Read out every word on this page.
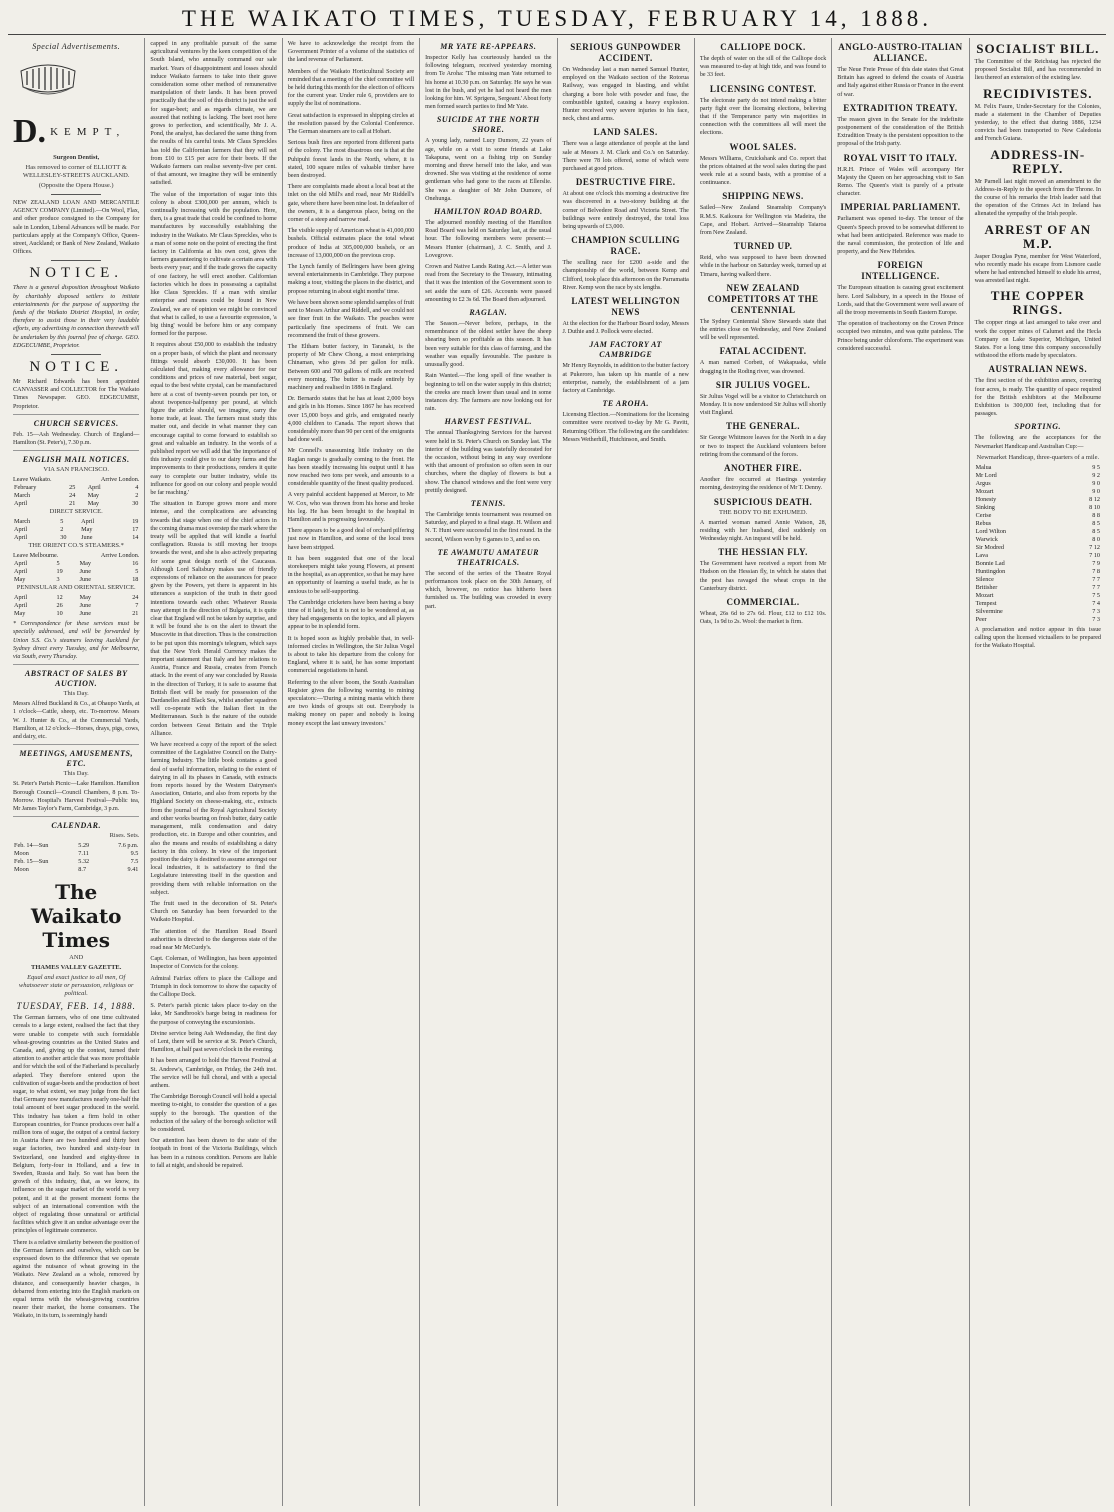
THE WAIKATO TIMES, TUESDAY, FEBRUARY 14, 1888.
Special Advertisements.
D. KEMPT,
Surgeon Dentist,
Has removed to corner of ELLIOTT & WELLESLEY-STREETS AUCKLAND.
(Opposite the Opera House.)
NEW ZEALAND LOAN AND MERCANTILE AGENCY COMPANY (Limited).—On Wool, Flax, and other produce consigned to the Company for sale in London, Liberal Advances will be made. For particulars apply at the Company's Office, Queen-street, Auckland; or Bank of New Zealand, Waikato Offices.
NOTICE.
There is a general disposition throughout Waikato by charitably disposed settlers to initiate entertainments for the purpose of supporting the funds of the Waikato District Hospital, in order, therefore to assist those in their very laudable efforts, any advertising in connection therewith will be undertaken by this journal free of charge. GEO. EDGECUMBE, Proprietor.
NOTICE.
Mr Richard Edwards has been appointed CANVASSER and COLLECTOR for The Waikato Times Newspaper. GEO. EDGECUMBE, Proprietor.
CHURCH SERVICES.
Feb. 15—Ash Wednesday. Church of England—Hamilton (St. Peter's), 7.30 p.m.
ENGLISH MAIL NOTICES.
VIA SAN FRANCISCO.
Leave Waikato.	Arrive London.
February	25	April	4
March	24	May	2
April	21	May	30
DIRECT SERVICE.
March	5	April	19
April	2	May	17
April	30	June	14
THE ORIENT CO.'S STEAMERS.*
Leave Melbourne.	Arrive London.
April	5	May	16
April	19	June	5
May	3	June	18
PENINSULAR AND ORIENTAL SERVICE.
April	12	May	24
April	26	June	7
May	10	June	21
* Correspondence for these services must be specially addressed, and will be forwarded by Union S.S. Co.'s steamers leaving Auckland for Sydney direct every Tuesday, and for Melbourne, via South, every Thursday.
ABSTRACT OF SALES BY AUCTION.
This Day.
Messrs Alfred Buckland & Co., at Ohaupo Yards, at 1 o'clock—Cattle, sheep, etc. To-morrow. Messrs W. J. Hunter & Co., at the Commercial Yards, Hamilton, at 12 o'clock—Horses, drays, pigs, cows, and dairy, etc.
MEETINGS, AMUSEMENTS, ETC.
This Day.
St. Peter's Parish Picnic—Lake Hamilton. Hamilton Borough Council—Council Chambers, 8 p.m. To-Morrow. Hospital's Harvest Festival—Public tea, Mr James Taylor's Farm, Cambridge, 3 p.m.
CALENDAR.
Rises. Sets.
Feb. 14—Sun	5.29	7.6 p.m.
Moon	7.11	9.5
Feb. 15—Sun	5.32	7.5
Moon	8.7	9.41
The Waikato Times
AND
THAMES VALLEY GAZETTE.
Equal and exact justice to all men, Of whatsoever state or persuasion, religious or political.
TUESDAY, FEB. 14, 1888.
The German farmers, who of one time cultivated cereals to a large extent, realised the fact that they were unable to compete with such formidable wheat-growing countries as the United States and Canada, and, giving up the contest, turned their attention to another article that was more profitable and for which the soil of the Fatherland is peculiarly adapted. They therefore entered upon the cultivation of sugar-beets and the production of beet sugar, to what extent, we may judge from the fact that Germany now manufactures nearly one-half the total amount of beet sugar produced in the world. This industry has taken a firm hold in other European countries, for France produces over half a million tons of sugar, the output of a central factory in Austria there are two hundred and thirty beet sugar factories, two hundred and sixty-four in Switzerland, one hundred and eighty-three in Belgium, forty-four in Holland, and a few in Sweden, Russia and Italy. So vast has been the growth of this industry, that, as we know, its influence on the sugar market of the world is very potent, and it at the present moment forms the subject of an international convention with the object of regulating those unnatural or artificial facilities which give it an undue advantage over the principles of legitimate commerce.
There is a relative similarity between the position of the German farmers and ourselves, which can be expressed down to the difference that we operate against the nuisance of wheat growing in the Waikato. New Zealand as a whole, removed by distance, and consequently heavier charges, is debarred from entering into the English markets on equal terms with the wheat-growing countries nearer their market, the home consumers. The Waikato, in its turn, is seemingly handi
capped in any profitable pursuit of the same agricultural ventures by the keen competition of the South Island, who annually command our sale market. Years of disappointment and losses should induce Waikato farmers to take into their grave consideration some other method of remunerative manipulation of their lands. It has been proved practically that the soil of this district is just the soil for sugar-beet; and as regards climate, we are assured that nothing is lacking. The beet root here grows to perfection, and scientifically, Mr J. A. Pond, the analyst, has declared the same thing from the results of his careful tests. Mr Claus Spreckles has told the Californian farmers that they will net from £10 to £15 per acre for their beets. If the Waikato farmers can realise seventy-five per cent. of that amount, we imagine they will be eminently satisfied.
The value of the importation of sugar into this colony is about £300,000 per annum, which is continually increasing with the population. Here, then, is a great trade that could be confined to home manufactures by successfully establishing the industry in the Waikato. Mr Claus Spreckles, who is a man of some note on the point of erecting the first factory in California at his own cost, gives the farmers guaranteeing to cultivate a certain area with beets every year; and if the trade grows the capacity of one factory, he will erect another. Californian factories which he does in possessing a capitalist like Claus Spreckles. If a man with similar enterprise and means could be found in New Zealand, we are of opinion we might be convinced that what is called, to use a favourite expression, 'a big thing' would be before him or any company formed for the purpose.
It requires about £50,000 to establish the industry on a proper basis, of which the plant and necessary fittings would absorb £30,000. It has been calculated that, making every allowance for our conditions and prices of raw material, beet sugar, equal to the best white crystal, can be manufactured here at a cost of twenty-seven pounds per ton, or about twopence-halfpenny per pound, at which figure the article should, we imagine, carry the home trade, at least. The farmers must study this matter out, and decide in what manner they can encourage capital to come forward to establish so great and valuable an industry. In the words of a published report we will add that 'the importance of this industry could give to our dairy farms and the improvements to their productions, renders it quite easy to complete our butter industry, while its influence for good on our colony and people would be far reaching.'
The situation in Europe grows more and more intense, and the complications are advancing towards that stage when one of the chief actors in the coming drama must overstep the mark where the treaty will be applied that will kindle a fearful conflagration. Russia is still moving her troops towards the west, and she is also actively preparing for some great design north of the Caucasus. Although Lord Salisbury makes use of friendly expressions of reliance on the assurances for peace given by the Powers, yet there is apparent in his utterances a suspicion of the truth in their good intentions towards each other. Whatever Russia may attempt in the direction of Bulgaria, it is quite clear that England will not be taken by surprise, and it will be found she is on the alert to thwart the Muscovite in that direction. Thus is the construction to be put upon this morning's telegram, which says that the New York Herald Currency makes the important statement that Italy and her relations to Austria, France and Russia, creates from French attack. In the event of any war concluded by Russia in the direction of Turkey, it is safe to assume that British fleet will be ready for possession of the Dardanelles and Black Sea, whilst another squadron will co-operate with the Italian fleet in the Mediterranean. Such is the nature of the outside cordon between Great Britain and the Triple Alliance.
We have received a copy of the report of the select committee of the Legislative Council on the Dairy-farming Industry. The little book contains a good deal of useful information, relating to the extent of dairying in all its phases in Canada, with extracts from reports issued by the Western Dairymen's Association, Ontario, and also from reports by the Highland Society on cheese-making, etc., extracts from the journal of the Royal Agricultural Society and other works bearing on fresh butter, dairy cattle management, milk condensation and dairy production, etc. in Europe and other countries, and also the means and results of establishing a dairy factory in this colony. In view of the important position the dairy is destined to assume amongst our local industries, it is satisfactory to find the Legislature interesting itself in the question and providing them with reliable information on the subject.
The fruit used in the decoration of St. Peter's Church on Saturday has been forwarded to the Waikato Hospital.
The attention of the Hamilton Road Board authorities is directed to the dangerous state of the road near Mr McCurdy's.
Capt. Coleman, of Wellington, has been appointed Inspector of Convicts for the colony.
Admiral Fairfax offers to place the Calliope and Triumph in dock tomorrow to show the capacity of the Calliope Dock.
S. Peter's parish picnic takes place to-day on the lake, Mr Sandbrook's barge being in readiness for the purpose of conveying the excursionists.
Divine service being Ash Wednesday, the first day of Lent, there will be service at St. Peter's Church, Hamilton, at half past seven o'clock in the evening.
It has been arranged to hold the Harvest Festival at St. Andrew's, Cambridge, on Friday, the 24th inst. The service will be full choral, and with a special anthem.
The Cambridge Borough Council will hold a special meeting to-night, to consider the question of a gas supply to the borough. The question of the reduction of the salary of the borough solicitor will be considered.
Our attention has been drawn to the state of the footpath in front of the Victoria Buildings, which has been in a ruinous condition. Persons are liable to fall at night, and should be repaired.
We have to acknowledge the receipt from the Government Printer of a volume of the statistics of the land revenue of Parliament.
Members of the Waikato Horticultural Society are reminded that a meeting of the chief committee will be held during this month for the election of officers for the current year. Under rule 6, providers are to supply the list of nominations.
Great satisfaction is expressed in shipping circles at the resolution passed by the Colonial Conference. The German steamers are to call at Hobart.
Serious bush fires are reported from different parts of the colony. The most disastrous one is that at the Puhipuhi forest lands in the North, where, it is stated, 100 square miles of valuable timber have been destroyed.
There are complaints made about a local boat at the inlet on the old Mill's and road, near Mr Riddell's gate, where there have been nine lost. In defaulter of the owners, it is a dangerous place, being on the corner of a steep and narrow road.
The visible supply of American wheat is 41,000,000 bushels. Official estimates place the total wheat produce of India at 305,000,000 bushels, or an increase of 13,000,000 on the previous crop.
The Lynch family of Bellringers have been giving several entertainments in Cambridge. They purpose making a tour, visiting the places in the district, and propose returning in about eight months' time.
We have been shown some splendid samples of fruit sent to Messrs Arthur and Riddell, and we could not see finer fruit in the Waikato. The peaches were particularly fine specimens of fruit. We can recommend the fruit of these growers.
The Eltham butter factory, in Taranaki, is the property of Mr Chew Chong, a most enterprising Chinaman, who gives 3d per gallon for milk. Between 600 and 700 gallons of milk are received every morning. The butter is made entirely by machinery and realised in 1886 in England.
Dr. Bernardo states that he has at least 2,000 boys and girls in his Homes. Since 1867 he has received over 15,000 boys and girls, and emigrated nearly 4,000 children to Canada. The report shows that considerably more than 90 per cent of the emigrants had done well.
Mr Connell's unassuming little industry on the Raglan range is gradually coming to the front. He has been steadily increasing his output until it has now reached two tons per week, and amounts to a considerable quantity of the finest quality produced.
A very painful accident happened at Mercer, to Mr W. Cox, who was thrown from his horse and broke his leg. He has been brought to the hospital in Hamilton and is progressing favourably.
There appears to be a good deal of orchard pilfering just now in Hamilton, and some of the local trees have been stripped.
It has been suggested that one of the local storekeepers might take young Flowers, at present in the hospital, as an apprentice, so that he may have an opportunity of learning a useful trade, as he is anxious to be self-supporting.
The Cambridge cricketers have been having a busy time of it lately, but it is not to be wondered at, as they had engagements on the topics, and all players appear to be in splendid form.
It is hoped soon as highly probable that, in well-informed circles in Wellington, the Sir Julius Vogel is about to take his departure from the colony for England, where it is said, he has some important commercial negotiations in hand.
Referring to the silver boom, the South Australian Register gives the following warning to mining speculators:—'During a mining mania which there are two kinds of groups sit out. Everybody is making money on paper and nobody is losing money except the last unwary investors.'
MR YATE RE-APPEARS.
Inspector Kelly has courteously handed us the following telegram, received yesterday morning from Te Aroha: 'The missing man Yate returned to his home at 10.30 p.m. on Saturday. He says he was lost in the bush, and yet he had not heard the men looking for him. W. Sprigens, Sergeant.' About forty men formed search parties to find Mr Yate.
SUICIDE AT THE NORTH SHORE.
A young lady, named Lucy Dumore, 22 years of age, while on a visit to some friends at Lake Takapuna, went on a fishing trip on Sunday morning and threw herself into the lake, and was drowned. She was visiting at the residence of some gentleman who had gone to the races at Ellerslie. She was a daughter of Mr John Dumore, of Onehunga.
HAMILTON ROAD BOARD.
The adjourned monthly meeting of the Hamilton Road Board was held on Saturday last, at the usual hour. The following members were present:—Messrs Hunter (chairman), J. C. Smith, and J. Lovegrove.
Crown and Native Lands Rating Act.—A letter was read from the Secretary to the Treasury, intimating that it was the intention of the Government soon to set aside the sum of £26. Accounts were passed amounting to £2 3s 6d. The Board then adjourned.
RAGLAN.
The Season.—Never before, perhaps, in the remembrance of the oldest settler have the sheep shearing been so profitable as this season. It has been very suitable for this class of farming, and the weather was equally favourable. The pasture is unusually good.
Rain Wanted.—The long spell of fine weather is beginning to tell on the water supply in this district; the creeks are much lower than usual and in some instances dry. The farmers are now looking out for rain.
HARVEST FESTIVAL.
The annual Thanksgiving Services for the harvest were held in St. Peter's Church on Sunday last. The interior of the building was tastefully decorated for the occasion, without being in any way overdone with that amount of profusion so often seen in our churches, where the display of flowers is but a show. The chancel windows and the font were very prettily designed.
TENNIS.
The Cambridge tennis tournament was resumed on Saturday, and played to a final stage. H. Wilson and N. T. Hunt were successful in the first round. In the second, Wilson won by 6 games to 3, and so on.
TE AWAMUTU AMATEUR THEATRICALS.
The second of the series of the Theatre Royal performances took place on the 30th January, of which, however, no notice has hitherto been furnished us. The building was crowded in every part.
SERIOUS GUNPOWDER ACCIDENT.
On Wednesday last a man named Samuel Hunter, employed on the Waikato section of the Rotorua Railway, was engaged in blasting, and whilst charging a bore hole with powder and fuse, the combustible ignited, causing a heavy explosion. Hunter received very severe injuries to his face, neck, chest and arms.
LAND SALES.
There was a large attendance of people at the land sale at Messrs J. M. Clark and Co.'s on Saturday. There were 78 lots offered, some of which were purchased at good prices.
DESTRUCTIVE FIRE.
At about one o'clock this morning a destructive fire was discovered in a two-storey building at the corner of Belvedere Road and Victoria Street. The buildings were entirely destroyed, the total loss being upwards of £3,000.
CHAMPION SCULLING RACE.
The sculling race for £200 a-side and the championship of the world, between Kemp and Clifford, took place this afternoon on the Parramatta River. Kemp won the race by six lengths.
LATEST WELLINGTON NEWS
At the election for the Harbour Board today, Messrs J. Duthie and J. Pollock were elected.
JAM FACTORY AT CAMBRIDGE
Mr Henry Reynolds, in addition to the butter factory at Pukeroro, has taken up his mantle of a new enterprise, namely, the establishment of a jam factory at Cambridge.
TE AROHA.
Licensing Election.—Nominations for the licensing committee were received to-day by Mr G. Pavitt, Returning Officer. The following are the candidates: Messrs Wetherhill, Hutchinson, and Smith.
CALLIOPE DOCK.
The depth of water on the sill of the Calliope dock was measured to-day at high tide, and was found to be 33 feet.
LICENSING CONTEST.
The electorate party do not intend making a bitter party fight over the licensing elections, believing that if the Temperance party win majorities in connection with the committees all will meet the elections.
WOOL SALES.
Messrs Williams, Cruickshank and Co. report that the prices obtained at the wool sales during the past week rule at a sound basis, with a promise of a continuance.
SHIPPING NEWS.
Sailed—New Zealand Steamship Company's R.M.S. Kaikoura for Wellington via Madeira, the Cape, and Hobart. Arrived—Steamship Taiaroa from New Zealand.
TURNED UP.
Reid, who was supposed to have been drowned while in the harbour on Saturday week, turned up at Timaru, having walked there.
NEW ZEALAND COMPETITORS AT THE CENTENNIAL
The Sydney Centennial Show Stewards state that the entries close on Wednesday, and New Zealand will be well represented.
FATAL ACCIDENT.
A man named Corbett, of Wakapuaka, while dragging in the Roding river, was drowned.
SIR JULIUS VOGEL.
Sir Julius Vogel will be a visitor to Christchurch on Monday. It is now understood Sir Julius will shortly visit England.
THE GENERAL.
Sir George Whitmore leaves for the North in a day or two to inspect the Auckland volunteers before retiring from the command of the forces.
ANOTHER FIRE.
Another fire occurred at Hastings yesterday morning, destroying the residence of Mr T. Denny.
SUSPICIOUS DEATH.
THE BODY TO BE EXHUMED.
A married woman named Annie Watson, 28, residing with her husband, died suddenly on Wednesday night. An inquest will be held.
THE HESSIAN FLY.
The Government have received a report from Mr Hudson on the Hessian fly, in which he states that the pest has ravaged the wheat crops in the Canterbury district.
COMMERCIAL.
Wheat, 26s 6d to 27s 6d. Flour, £12 to £12 10s. Oats, 1s 9d to 2s. Wool: the market is firm.
ANGLO-AUSTRO-ITALIAN ALLIANCE.
The Neue Freie Presse of this date states that Great Britain has agreed to defend the coasts of Austria and Italy against either Russia or France in the event of war.
EXTRADITION TREATY.
The reason given in the Senate for the indefinite postponement of the consideration of the British Extradition Treaty is the persistent opposition to the proposal of the Irish party.
ROYAL VISIT TO ITALY.
H.R.H. Prince of Wales will accompany Her Majesty the Queen on her approaching visit to San Remo. The Queen's visit is purely of a private character.
IMPERIAL PARLIAMENT.
Parliament was opened to-day. The tenour of the Queen's Speech proved to be somewhat different to what had been anticipated. Reference was made to the naval commission, the protection of life and property, and the New Hebrides.
FOREIGN INTELLIGENCE.
The European situation is causing great excitement here. Lord Salisbury, in a speech in the House of Lords, said that the Government were well aware of all the troop movements in South Eastern Europe.
The operation of tracheotomy on the Crown Prince occupied two minutes, and was quite painless. The Prince being under chloroform. The experiment was considered successful.
SOCIALIST BILL.
The Committee of the Reichstag has rejected the proposed Socialist Bill, and has recommended in lieu thereof an extension of the existing law.
RECIDIVISTES.
M. Felix Faure, Under-Secretary for the Colonies, made a statement in the Chamber of Deputies yesterday, to the effect that during 1886, 1234 convicts had been transported to New Caledonia and French Guiana.
ADDRESS-IN-REPLY.
Mr Parnell last night moved an amendment to the Address-in-Reply to the speech from the Throne. In the course of his remarks the Irish leader said that the operation of the Crimes Act in Ireland has alienated the sympathy of the Irish people.
ARREST OF AN M.P.
Jasper Douglas Pyne, member for West Waterford, who recently made his escape from Lismore castle where he had entrenched himself to elude his arrest, was arrested last night.
THE COPPER RINGS.
The copper rings at last arranged to take over and work the copper mines of Calumet and the Hecla Company on Lake Superior, Michigan, United States. For a long time this company successfully withstood the efforts made by speculators.
AUSTRALIAN NEWS.
The first section of the exhibition annex, covering four acres, is ready. The quantity of space required for the British exhibitors at the Melbourne Exhibition is 300,000 feet, including that for passages.
SPORTING.
The following are the acceptances for the Newmarket Handicap and Australian Cup:—
Newmarket Handicap, three-quarters of a mile.
Malua	9 5
Mr Lord	9 2
Argus	9 0
Mozart	9 0
Honesty	8 12
Sinking	8 10
Cerise	8 8
Rebus	8 5
Lord Wilton	8 5
Warwick	8 0
Sir Modred	7 12
Lava	7 10
Bonnie Lad	7 9
Huntingdon	7 8
Silence	7 7
Britisher	7 7
Mozart	7 5
Tempest	7 4
Silvermine	7 3
Peer	7 3
A proclamation and notice appear in this issue calling upon the licensed victuallers to be prepared for the Waikato Hospital.
